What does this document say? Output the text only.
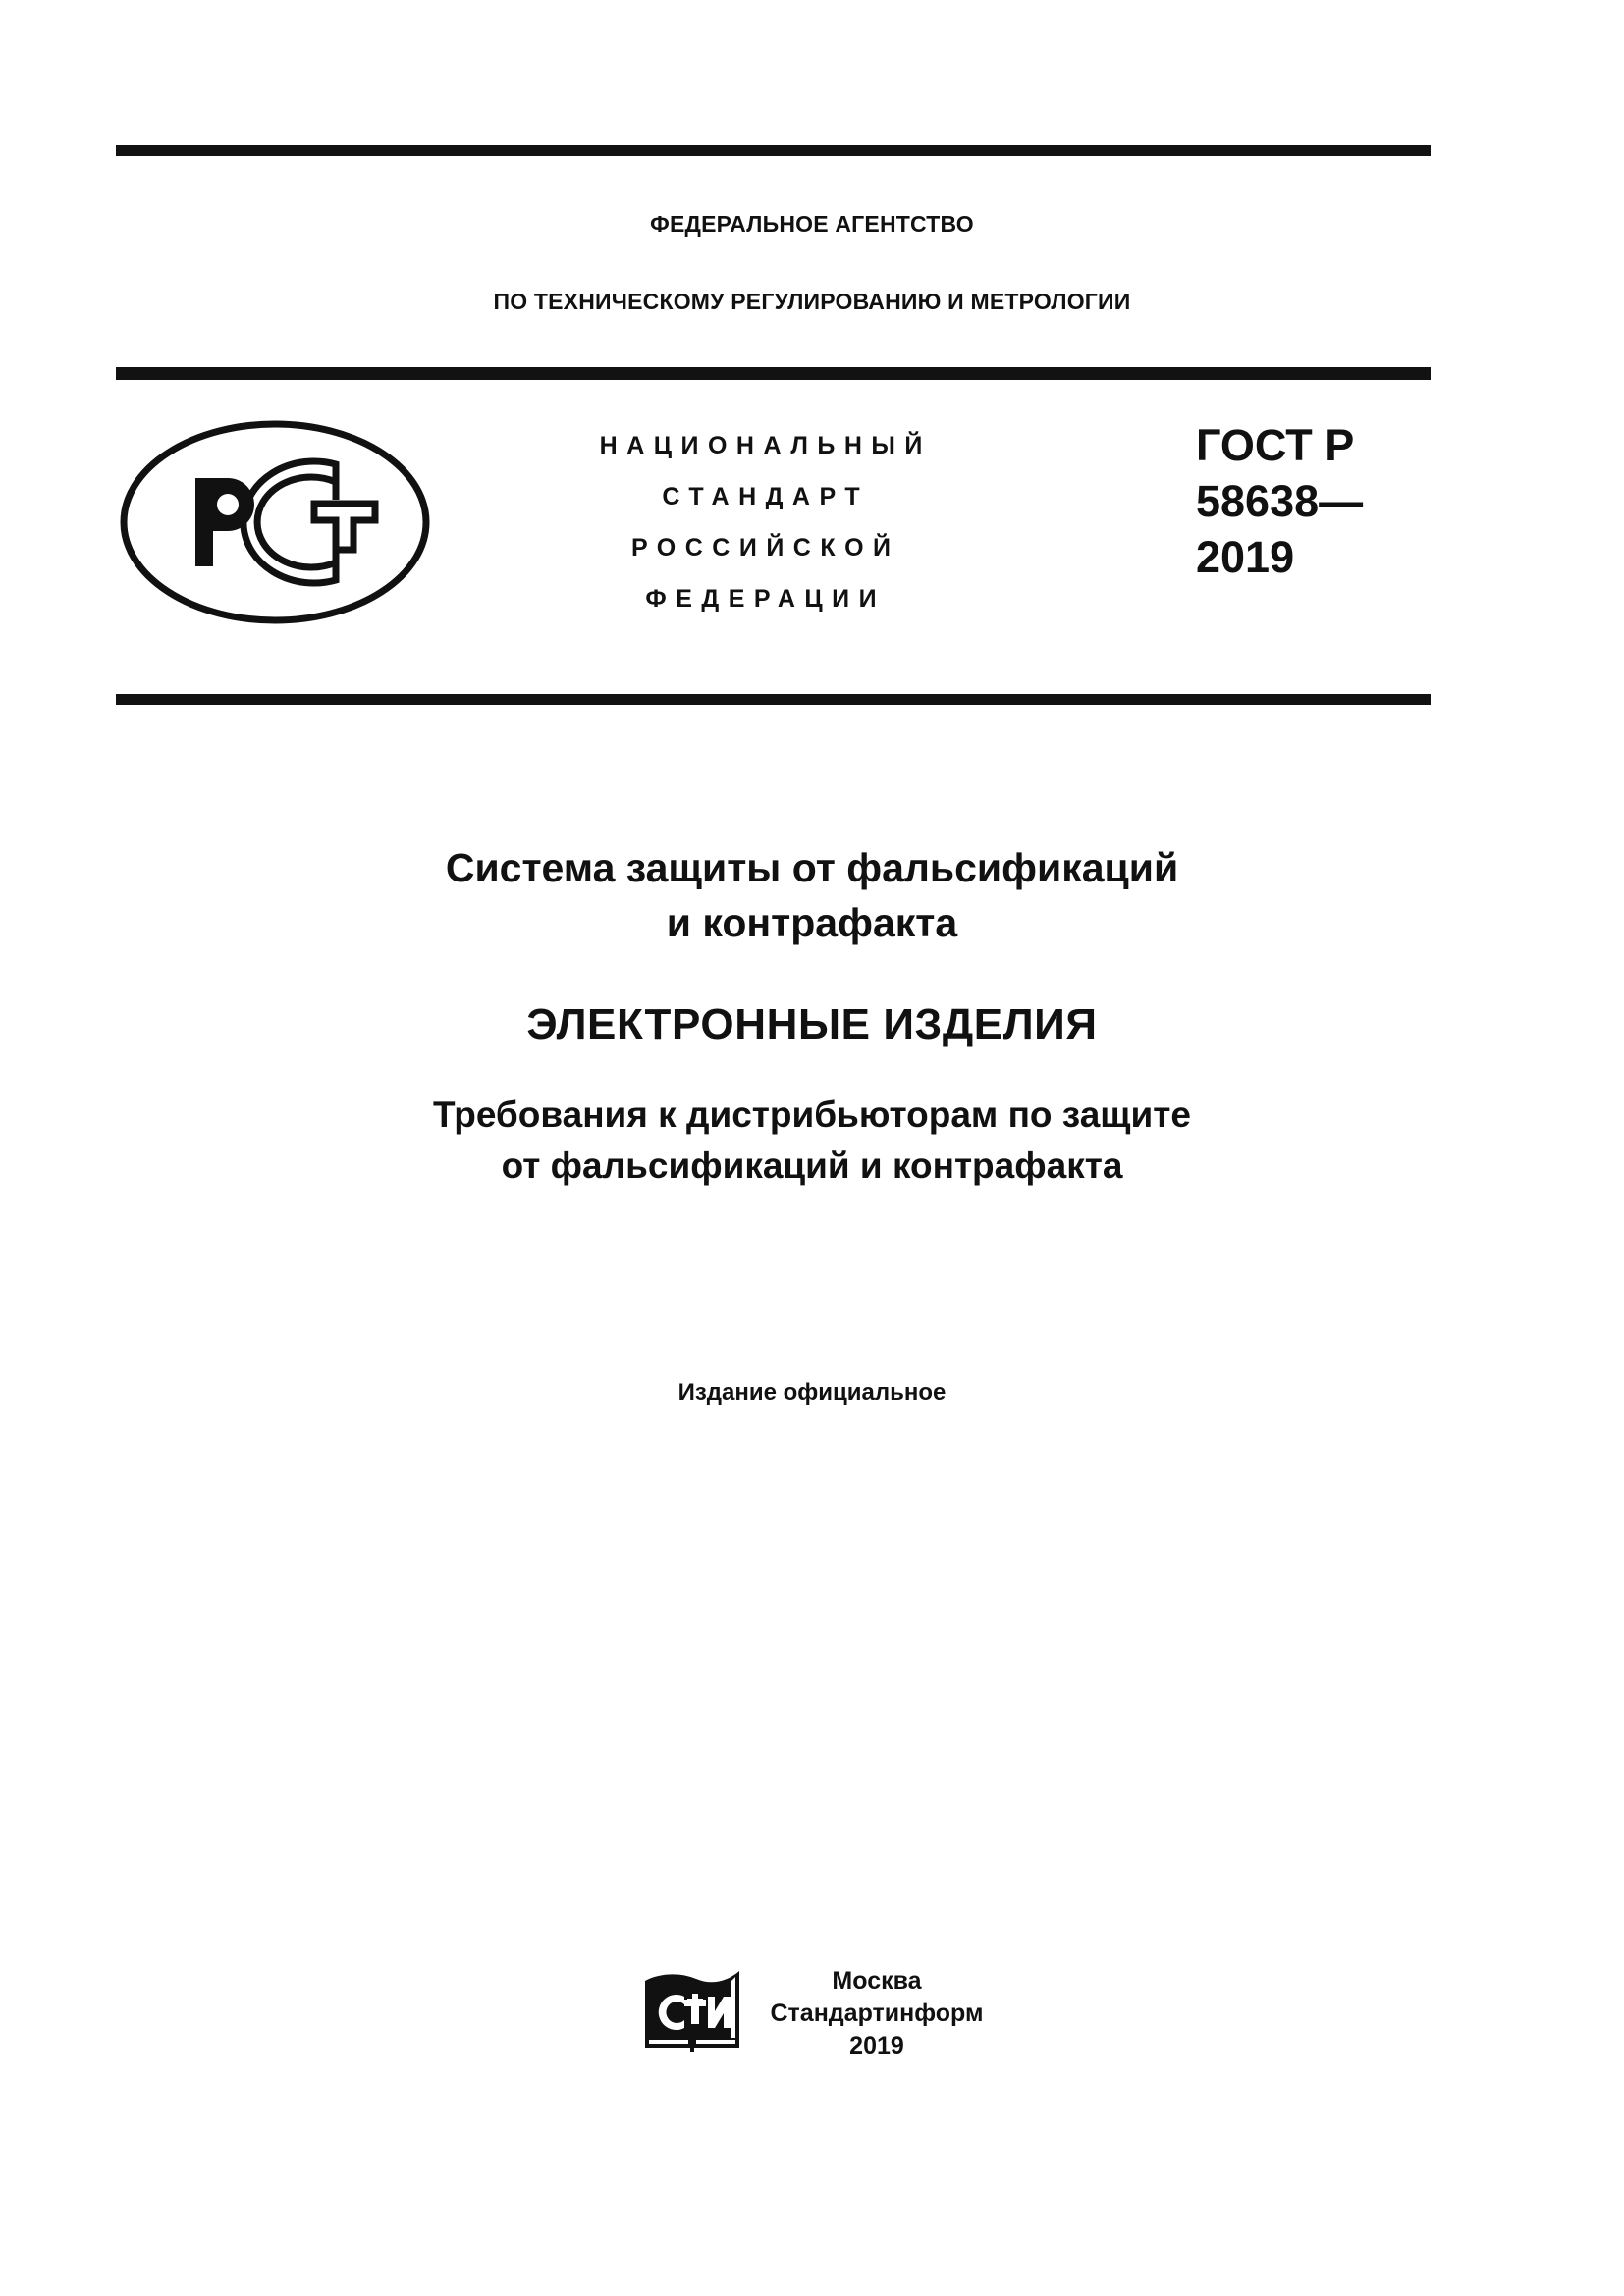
ФЕДЕРАЛЬНОЕ АГЕНТСТВО
ПО ТЕХНИЧЕСКОМУ РЕГУЛИРОВАНИЮ И МЕТРОЛОГИИ
НАЦИОНАЛЬНЫЙ
СТАНДАРТ
РОССИЙСКОЙ
ФЕДЕРАЦИИ
ГОСТ Р
58638—
2019
Система защиты от фальсификаций
и контрафакта
ЭЛЕКТРОННЫЕ ИЗДЕЛИЯ
Требования к дистрибьюторам по защите
от фальсификаций и контрафакта
Издание официальное
Москва
Стандартинформ
2019
